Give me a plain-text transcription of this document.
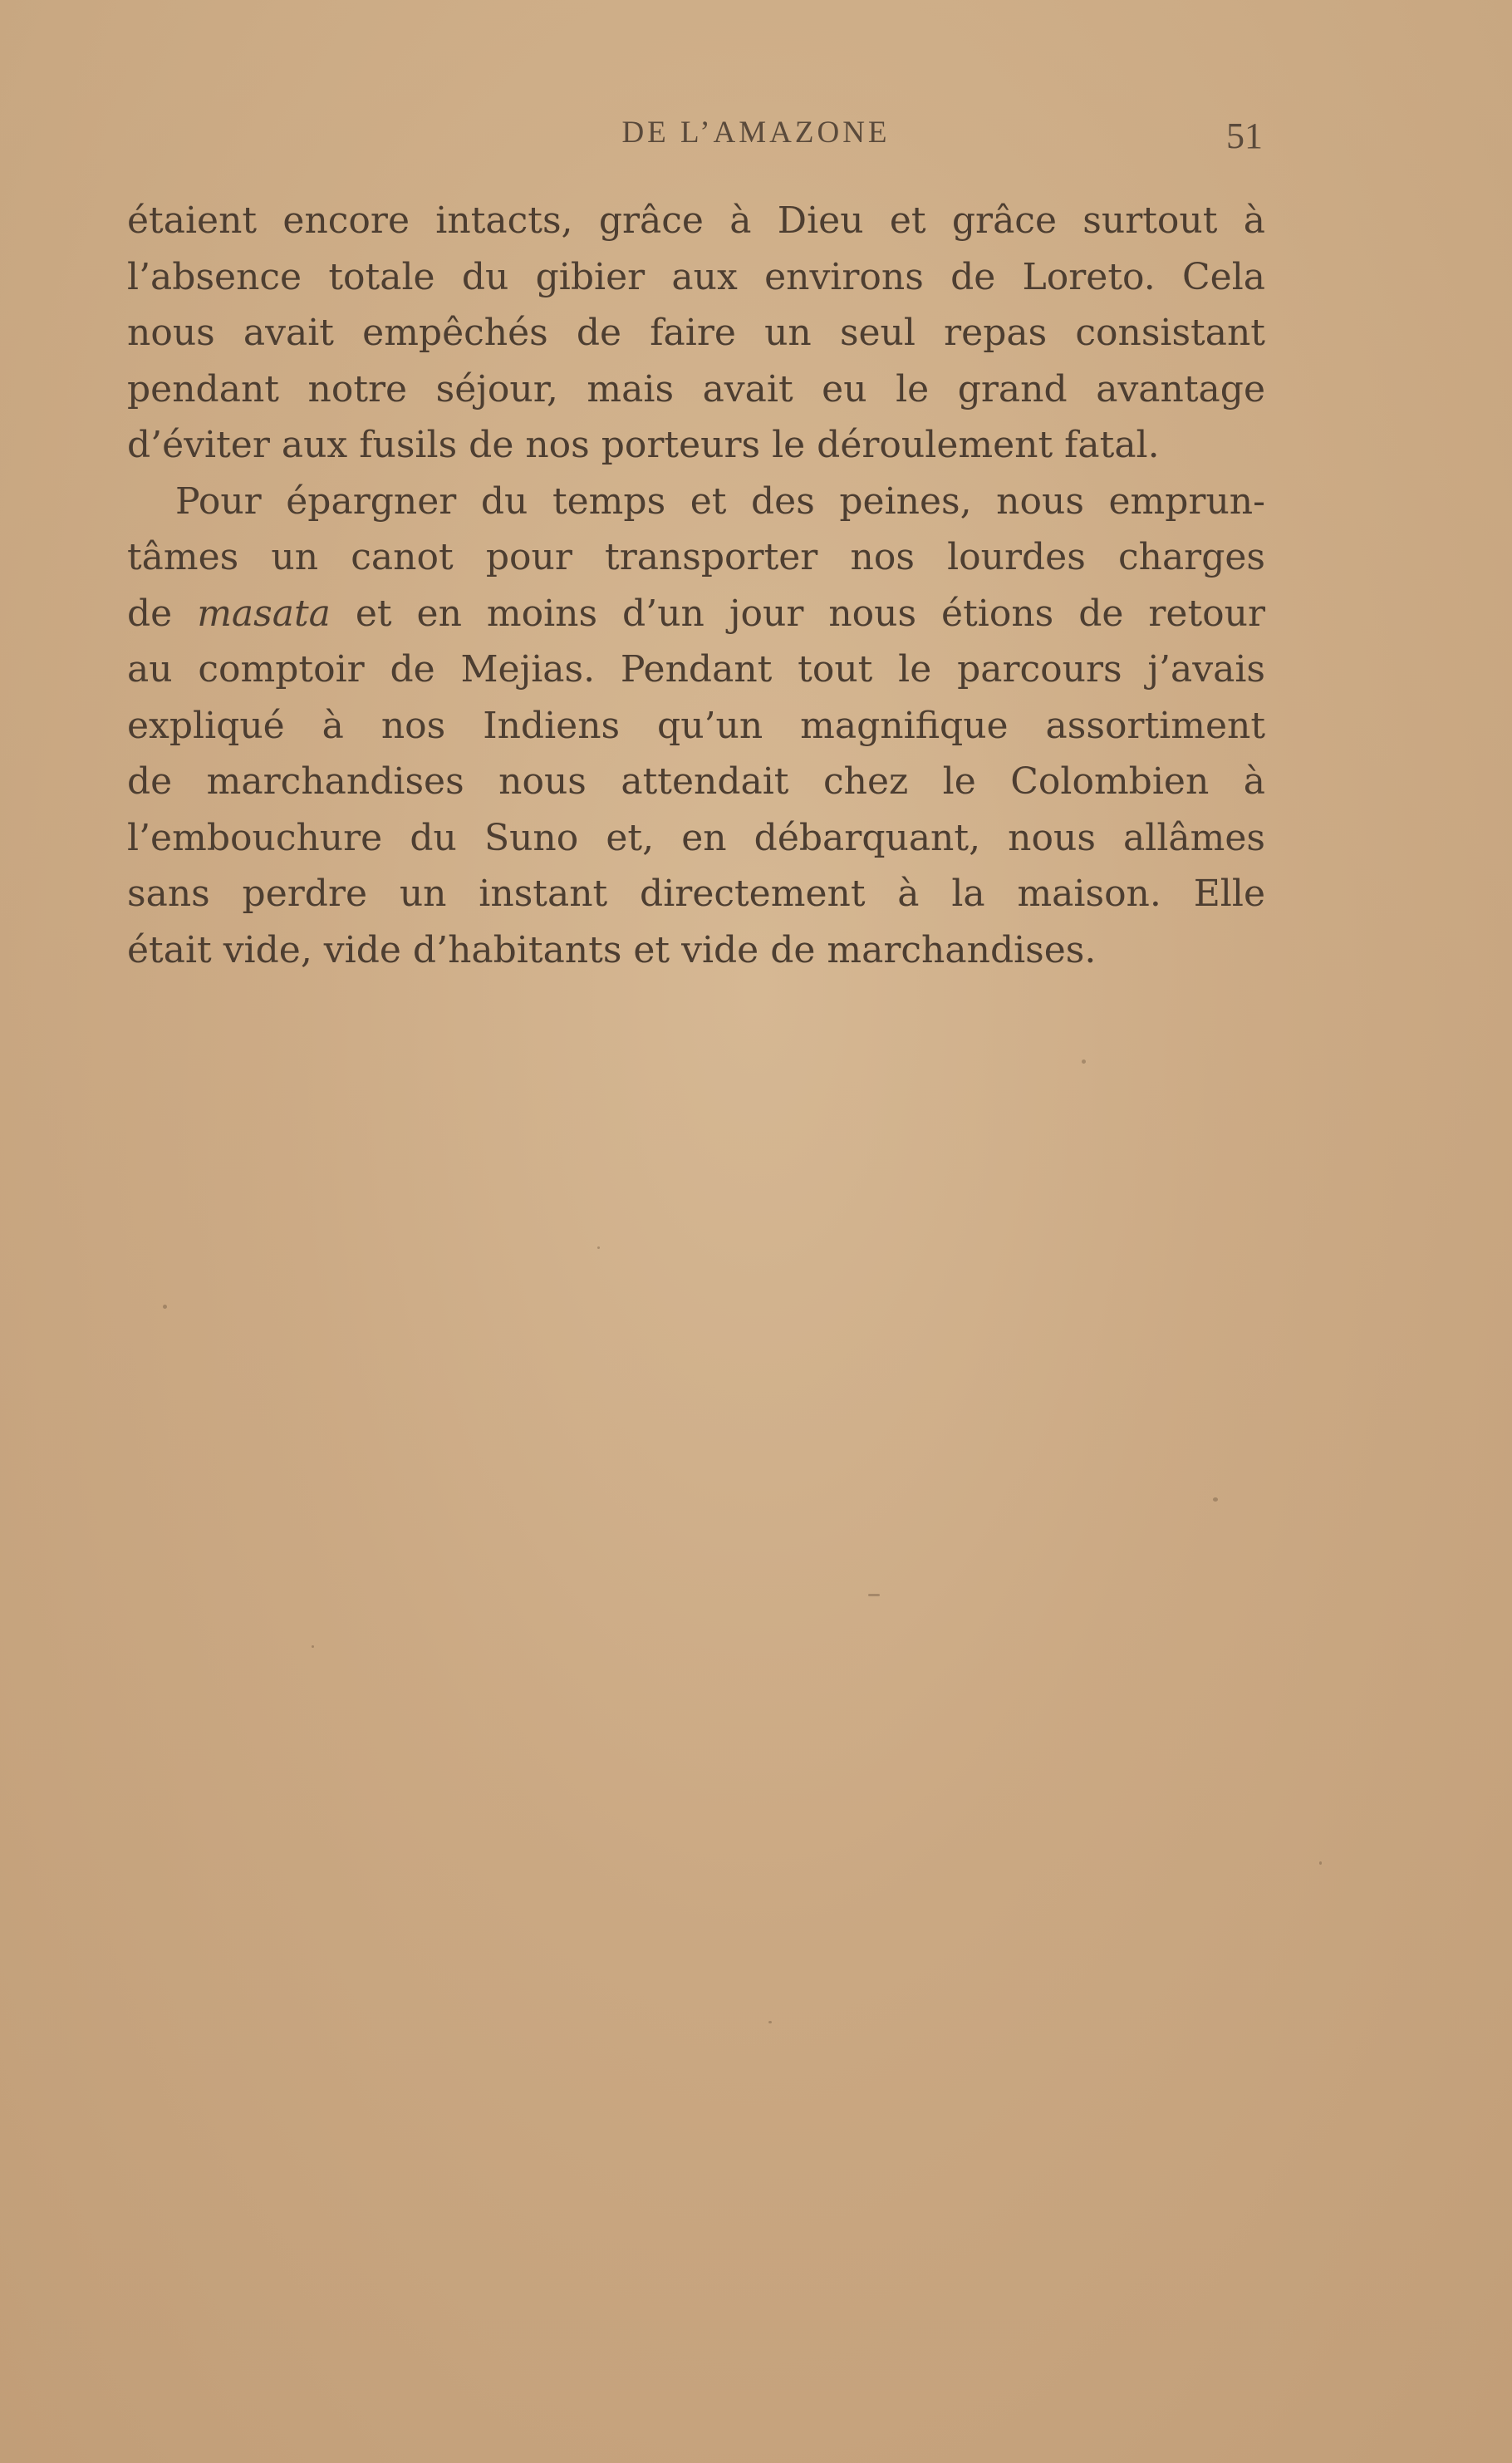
DE L’AMAZONE	51
étaient encore intacts, grâce à Dieu et grâce surtout à
l’absence totale du gibier aux environs de Loreto. Cela
nous avait empêchés de faire un seul repas consistant
pendant notre séjour, mais avait eu le grand avantage
d’éviter aux fusils de nos porteurs le déroulement fatal.
Pour épargner du temps et des peines, nous emprun-
tâmes un canot pour transporter nos lourdes charges
de masata et en moins d’un jour nous étions de retour
au comptoir de Mejias. Pendant tout le parcours j’avais
expliqué à nos Indiens qu’un magnifique assortiment
de marchandises nous attendait chez le Colombien à
l’embouchure du Suno et, en débarquant, nous allâmes
sans perdre un instant directement à la maison. Elle
était vide, vide d’habitants et vide de marchandises.
